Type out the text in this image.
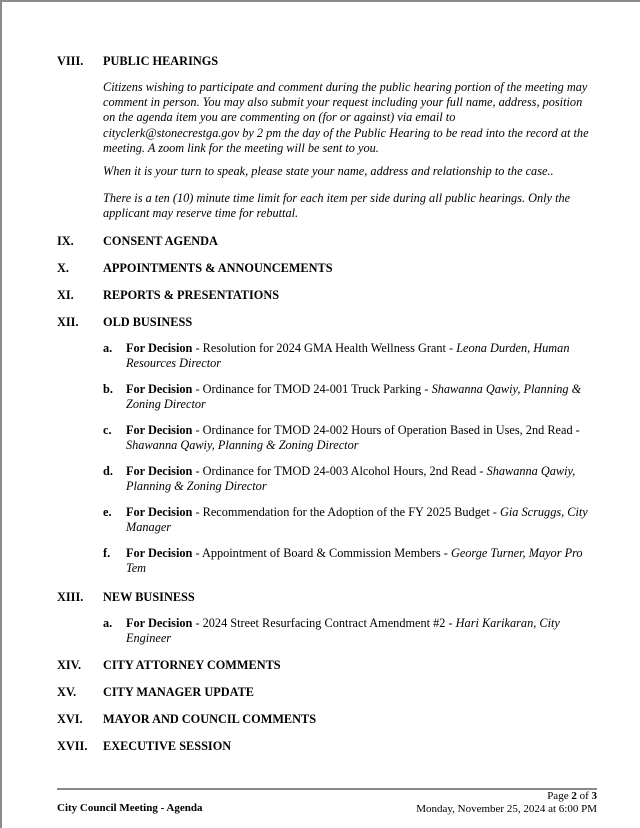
VIII. PUBLIC HEARINGS
Citizens wishing to participate and comment during the public hearing portion of the meeting may comment in person. You may also submit your request including your full name, address, position on the agenda item you are commenting on (for or against) via email to cityclerk@stonecrestga.gov by 2 pm the day of the Public Hearing to be read into the record at the meeting. A zoom link for the meeting will be sent to you.
When it is your turn to speak, please state your name, address and relationship to the case..
There is a ten (10) minute time limit for each item per side during all public hearings. Only the applicant may reserve time for rebuttal.
IX. CONSENT AGENDA
X.	APPOINTMENTS & ANNOUNCEMENTS
XI. REPORTS & PRESENTATIONS
XII. OLD BUSINESS
a. For Decision - Resolution for 2024 GMA Health Wellness Grant - Leona Durden, Human Resources Director
b. For Decision - Ordinance for TMOD 24-001 Truck Parking - Shawanna Qawiy, Planning & Zoning Director
c. For Decision - Ordinance for TMOD 24-002 Hours of Operation Based in Uses, 2nd Read - Shawanna Qawiy, Planning & Zoning Director
d. For Decision - Ordinance for TMOD 24-003 Alcohol Hours, 2nd Read - Shawanna Qawiy, Planning & Zoning Director
e. For Decision - Recommendation for the Adoption of the FY 2025 Budget - Gia Scruggs, City Manager
f. For Decision - Appointment of Board & Commission Members - George Turner, Mayor Pro Tem
XIII. NEW BUSINESS
a. For Decision - 2024 Street Resurfacing Contract Amendment #2 - Hari Karikaran, City Engineer
XIV. CITY ATTORNEY COMMENTS
XV. CITY MANAGER UPDATE
XVI. MAYOR AND COUNCIL COMMENTS
XVII. EXECUTIVE SESSION
City Council Meeting - Agenda
Page 2 of 3
Monday, November 25, 2024 at 6:00 PM
